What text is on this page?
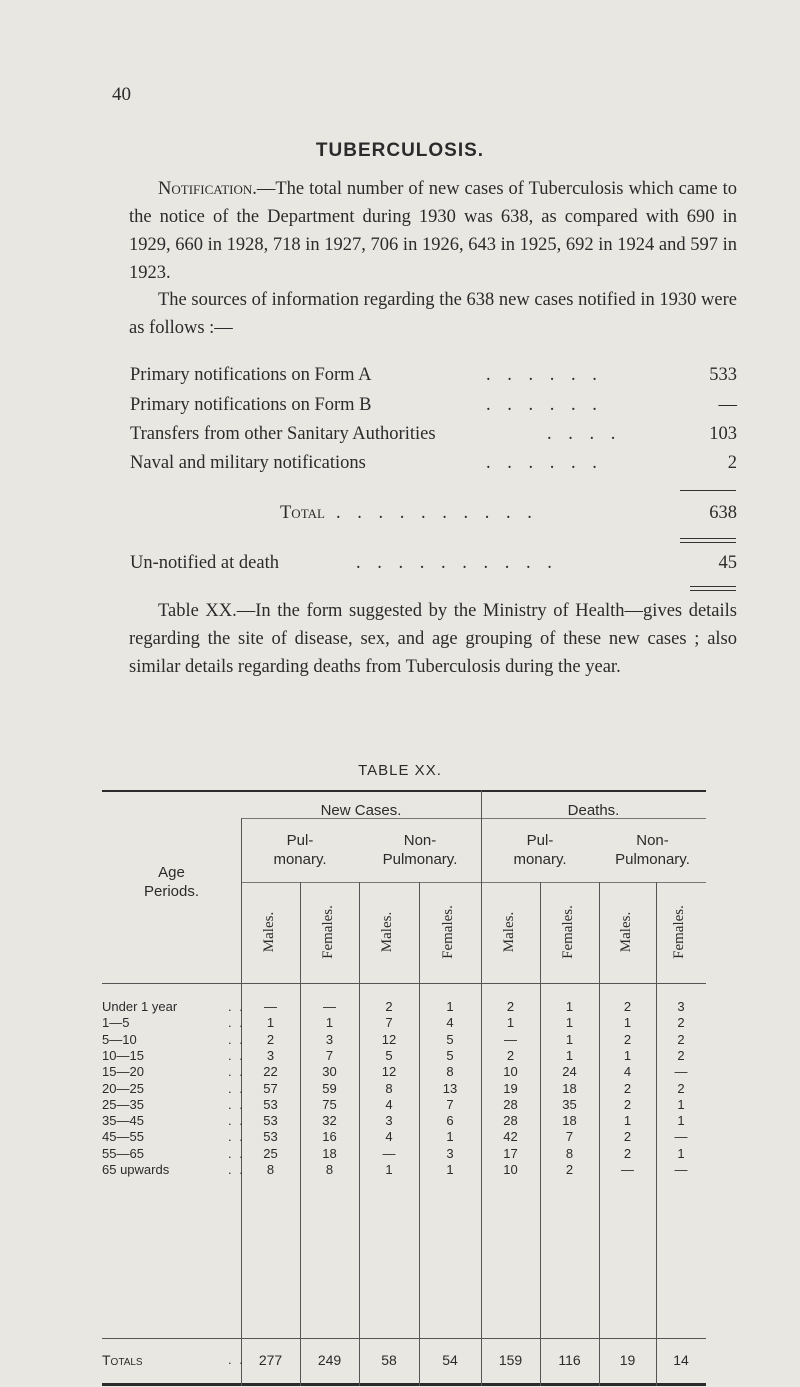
40
TUBERCULOSIS.
Notification.—The total number of new cases of Tuberculosis which came to the notice of the Department during 1930 was 638, as compared with 690 in 1929, 660 in 1928, 718 in 1927, 706 in 1926, 643 in 1925, 692 in 1924 and 597 in 1923.
The sources of information regarding the 638 new cases notified in 1930 were as follows :—
Primary notifications on Form A	. . . . . .	533
Primary notifications on Form B	. . . . . .	—
Transfers from other Sanitary Authorities	. . . .	103
Naval and military notifications	. . . . . .	2
Total . . . . . . . . . .	638
Un-notified at death	. . . . . . . . . .	45
Table XX.—In the form suggested by the Ministry of Health—gives details regarding the site of disease, sex, and age grouping of these new cases ; also similar details regarding deaths from Tuberculosis during the year.
TABLE XX.
Age
Periods.
New Cases.	Deaths.
Pul-
monary.
Non-
Pulmonary.
Pul-
monary.
Non-
Pulmonary.
Males.	Females.	Males.	Females.	Males.	Females.	Males.	Females.
Under 1 year	. .	—	—	2	1	2	1	2	3
1—5	. .	1	1	7	4	1	1	1	2
5—10	. .	2	3	12	5	—	1	2	2
10—15	. .	3	7	5	5	2	1	1	2
15—20	. .	22	30	12	8	10	24	4	—
20—25	. .	57	59	8	13	19	18	2	2
25—35	. .	53	75	4	7	28	35	2	1
35—45	. .	53	32	3	6	28	18	1	1
45—55	. .	53	16	4	1	42	7	2	—
55—65	. .	25	18	—	3	17	8	2	1
65 upwards	. .	8	8	1	1	10	2	—	—
Totals	. . 277	249	58	54	159	116	19	14
